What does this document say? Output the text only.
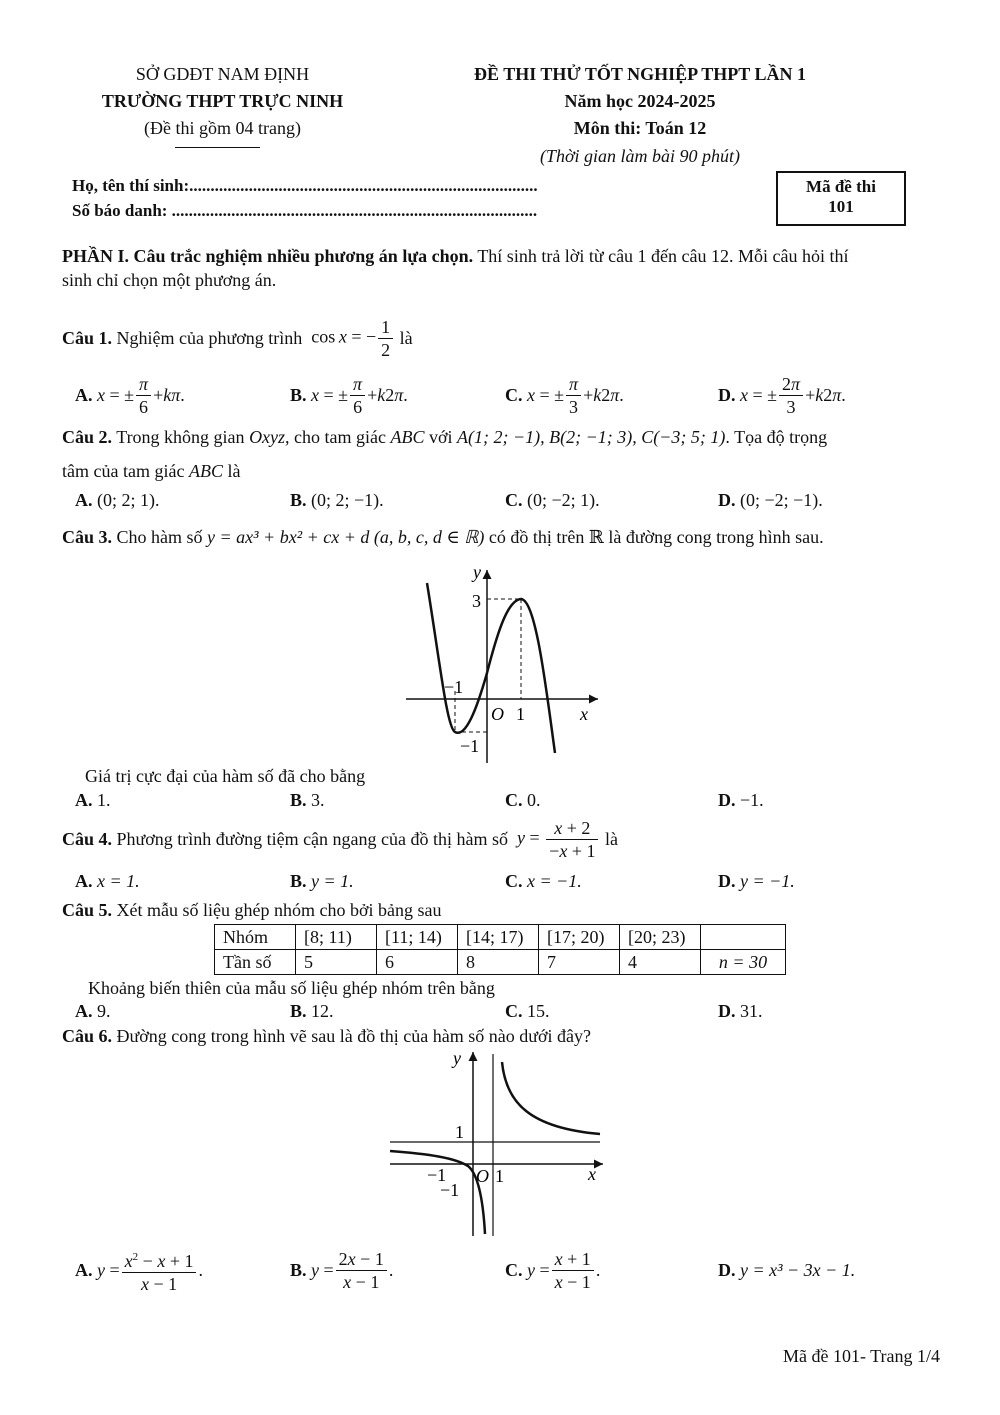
SỞ GDĐT NAM ĐỊNH
TRƯỜNG THPT TRỰC NINH
(Đề thi gồm 04 trang)
ĐỀ THI THỬ TỐT NGHIỆP THPT LẦN 1
Năm học 2024-2025
Môn thi: Toán 12
(Thời gian làm bài 90 phút)
Họ, tên thí sinh:..................................................................................
Số báo danh: ......................................................................................
Mã đề thi
101
PHẦN I. Câu trắc nghiệm nhiều phương án lựa chọn. Thí sinh trả lời từ câu 1 đến câu 12. Mỗi câu hỏi thí
sinh chỉ chọn một phương án.
Câu 1.
Nghiệm của phương trình
cos x = − $\frac{1}{2}$
là
A.
x = ± $\frac{\pi}{6} + k\pi$ .	B.
x = ± $\frac{\pi}{6} + k$ 2 π .	C.
x = ± $\frac{\pi}{3} + k$ 2 π .	D.
x = ± $\frac{2\pi}{3} + k$ 2 π .
Câu 2. Trong không gian Oxyz, cho tam giác ABC với A(1; 2; −1), B(2; −1; 3), C(−3; 5; 1). Tọa độ trọng
tâm của tam giác ABC là
A. (0; 2; 1).	B. (0; 2; −1).	C. (0; −2; 1).	D. (0; −2; −1).
Câu 3. Cho hàm số y = ax³ + bx² + cx + d (a, b, c, d ∈ ℝ) có đồ thị trên ℝ là đường cong trong hình sau.
y
x
3
−1
O 1
−1
Giá trị cực đại của hàm số đã cho bằng
A. 1.	B. 3.	C. 0.	D. −1.
Câu 4.
Phương trình đường tiệm cận ngang của đồ thị hàm số
$y = \frac{x + 2}{-x + 1}$
là
A. x = 1.	B. y = 1.	C. x = −1.	D. y = −1.
Câu 5. Xét mẫu số liệu ghép nhóm cho bởi bảng sau
Nhóm	[8; 11)	[11; 14)	[14; 17)	[17; 20)	[20; 23)	
Tần số	5	6	8	7	4	n = 30
Khoảng biến thiên của mẫu số liệu ghép nhóm trên bằng
A. 9.	B. 12.	C. 15.	D. 31.
Câu 6. Đường cong trong hình vẽ sau là đồ thị của hàm số nào dưới đây?
y
x
1
−1
−1
O 1
A.
$y = \frac{x^2 - x + 1}{x - 1}$ .	B.
$y = \frac{2x - 1}{x - 1}$ .	C.
$y = \frac{x + 1}{x - 1}$ .	D.
y = x³ − 3x − 1.
Mã đề 101- Trang 1/4
